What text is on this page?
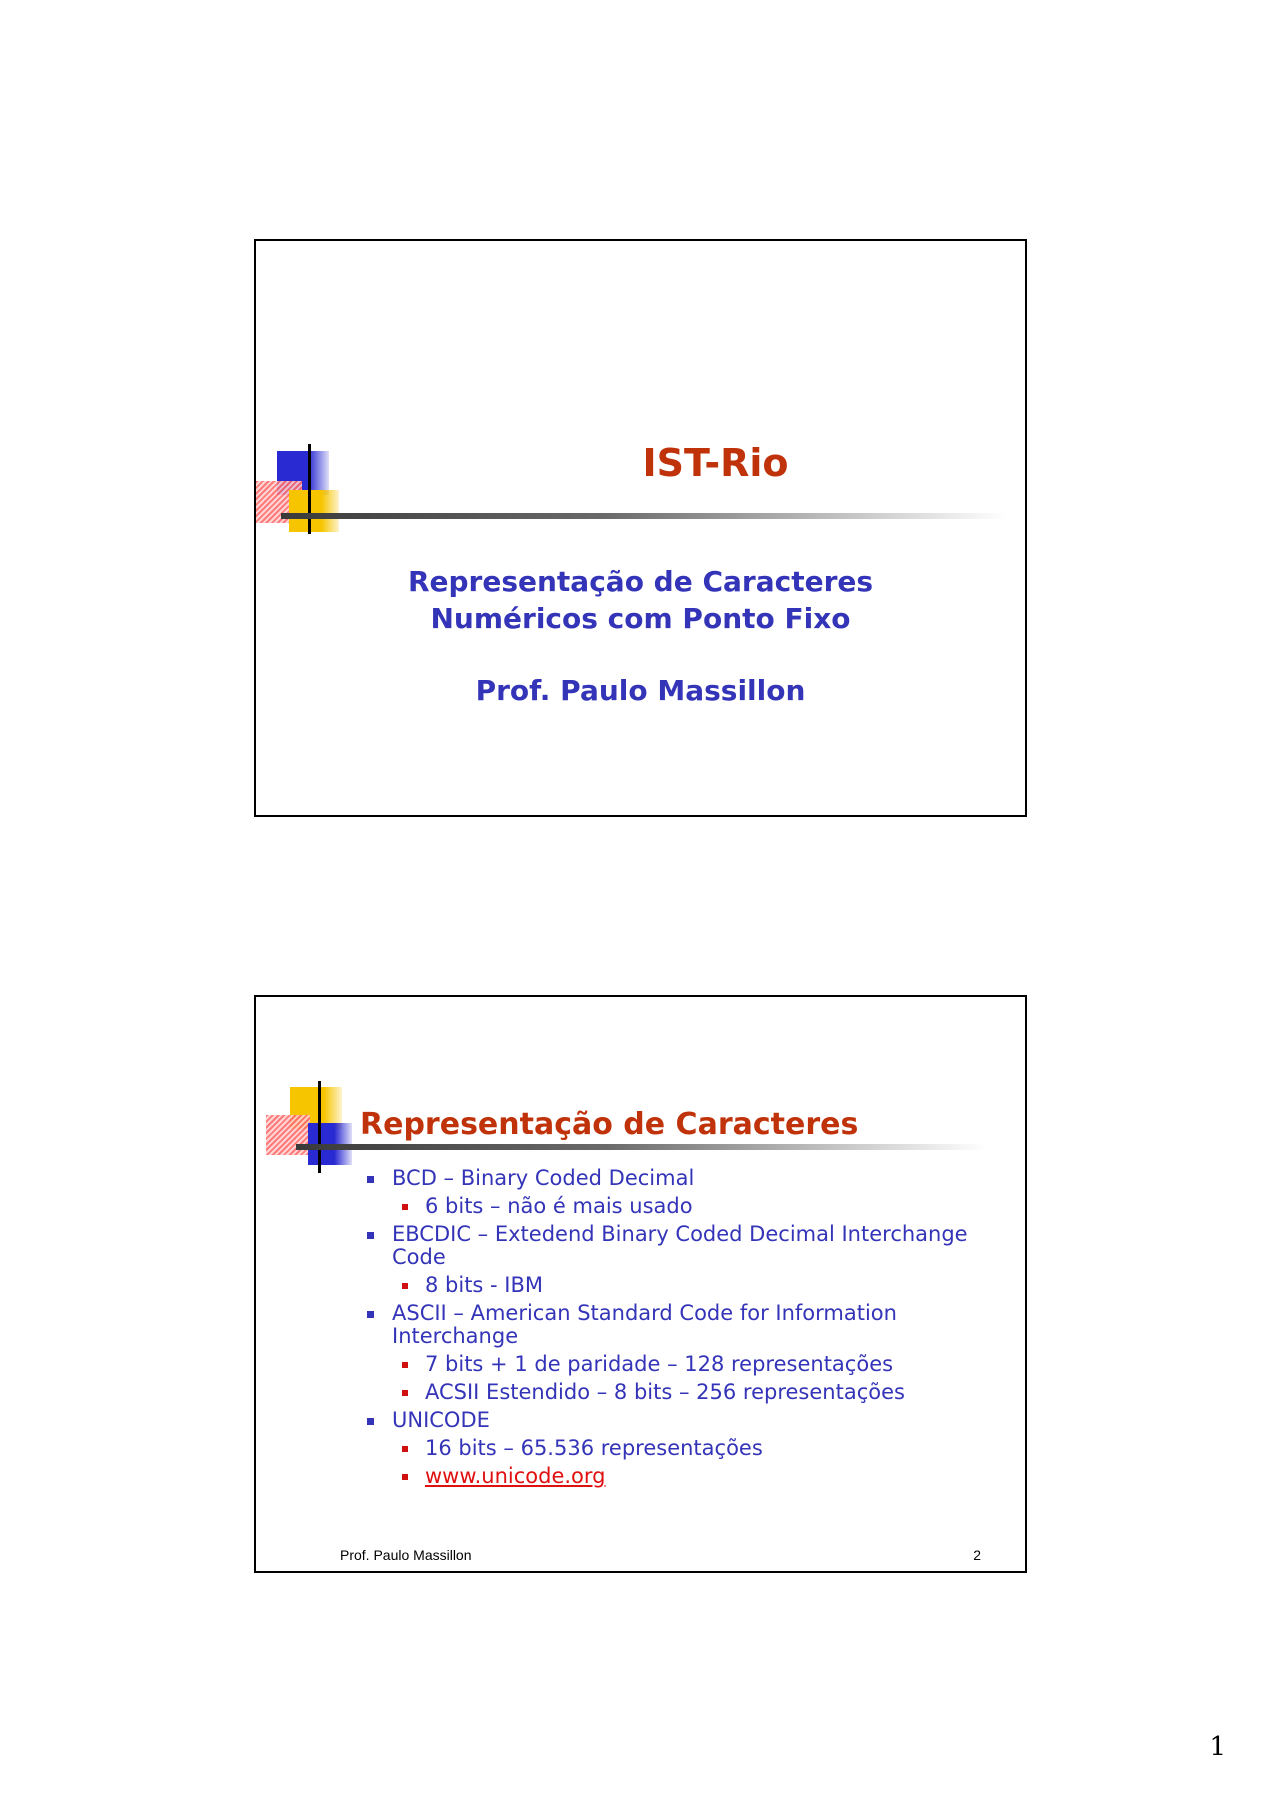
IST-Rio
Representação de Caracteres
Numéricos com Ponto Fixo
Prof. Paulo Massillon
Representação de Caracteres
BCD – Binary Coded Decimal
6 bits – não é mais usado
EBCDIC – Extedend Binary Coded Decimal Interchange Code
8 bits - IBM
ASCII – American Standard Code for Information Interchange
7 bits + 1 de paridade – 128 representações
ACSII Estendido – 8 bits – 256 representações
UNICODE
16 bits – 65.536 representações
www.unicode.org
Prof. Paulo Massillon	2
1
